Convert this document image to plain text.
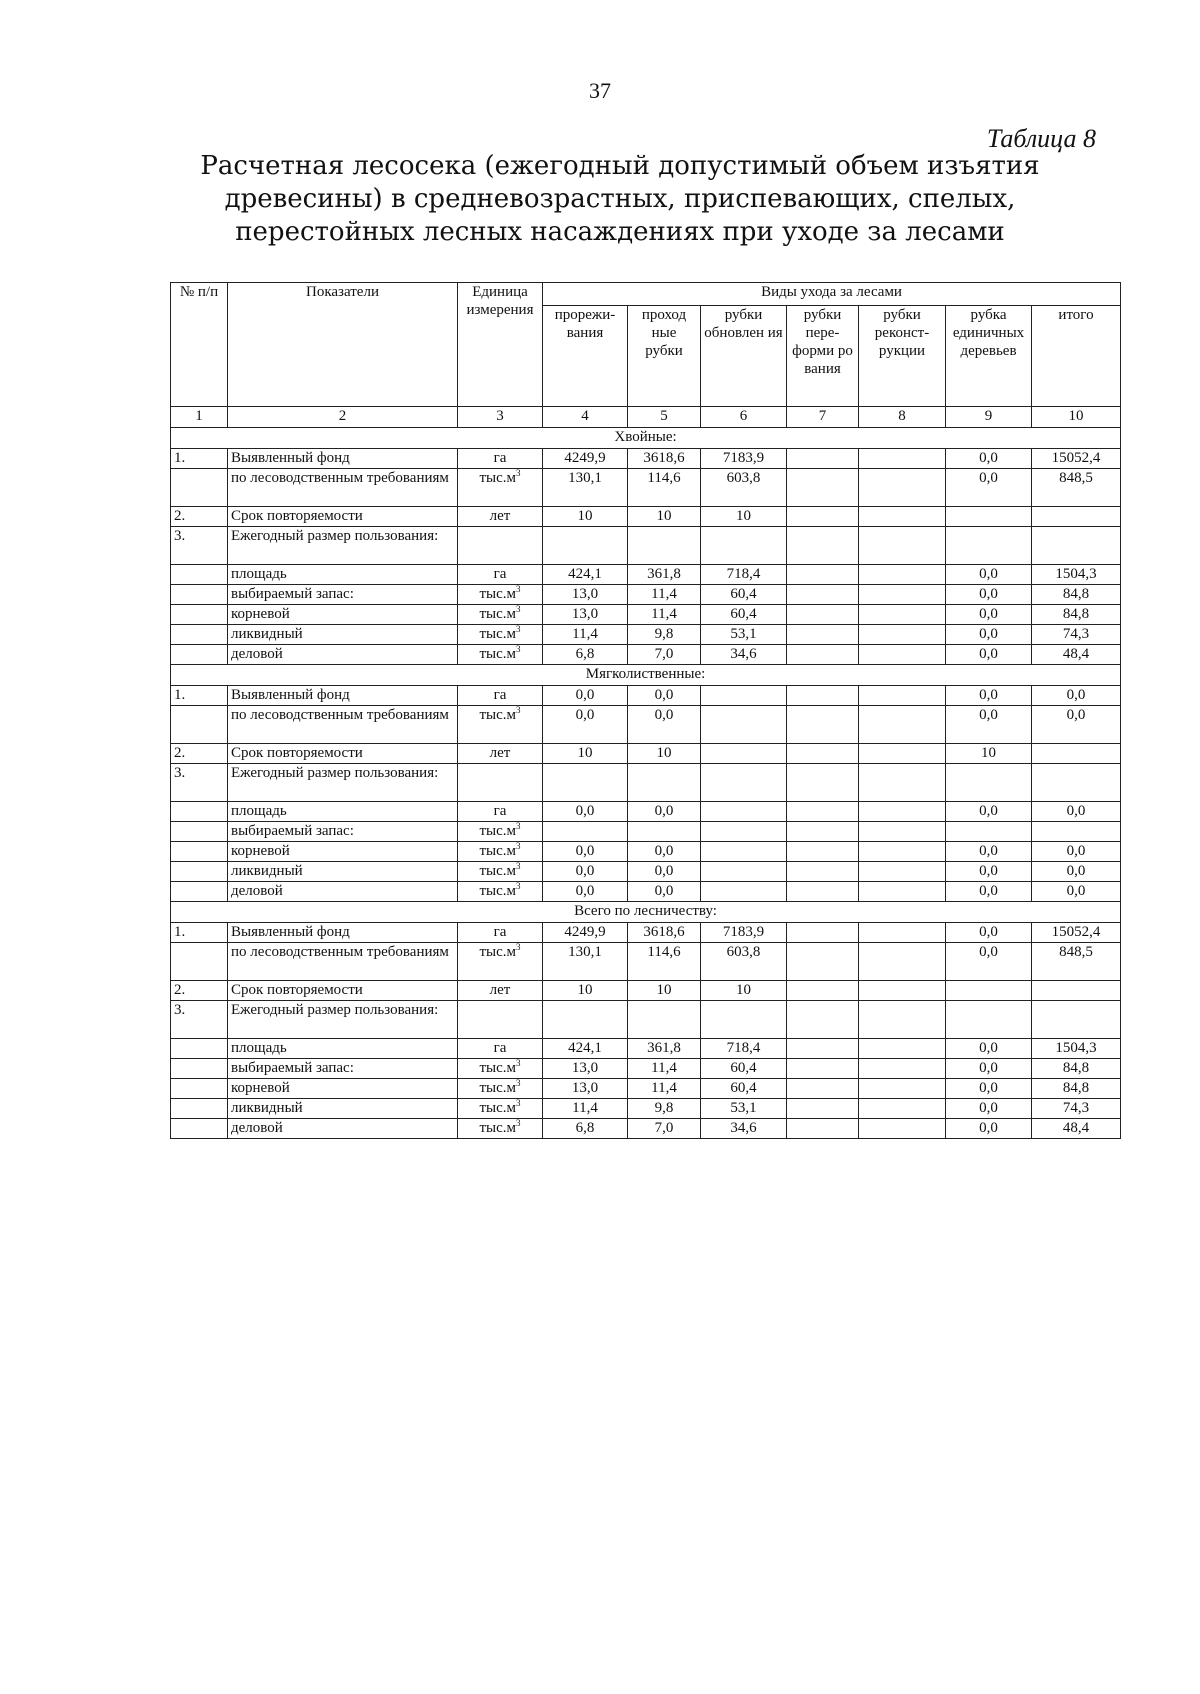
37
Таблица 8
Расчетная лесосека (ежегодный допустимый объем изъятия древесины) в средневозрастных, приспевающих, спелых, перестойных лесных насаждениях при уходе за лесами
№ п/п	Показатели	Единица измерения	Виды ухода за лесами						
			прорежи-вания	проход ные рубки	рубки обновлен ия	рубки пере-форми ро вания	рубки реконст-рукции	рубка единичных деревьев	итого
1	2	3	4	5	6	7	8	9	10
Хвойные:									
1.	Выявленный фонд	га	4249,9	3618,6	7183,9			0,0	15052,4
	по лесоводственным требованиям	$тыс.м^3$	130,1	114,6	603,8			0,0	848,5
2.	Срок повторяемости	лет	10	10	10				
3.	Ежегодный размер пользования:								
	площадь	га	424,1	361,8	718,4			0,0	1504,3
	выбираемый запас:	$тыс.м^3$	13,0	11,4	60,4			0,0	84,8
	корневой	$тыс.м^3$	13,0	11,4	60,4			0,0	84,8
	ликвидный	$тыс.м^3$	11,4	9,8	53,1			0,0	74,3
	деловой	$тыс.м^3$	6,8	7,0	34,6			0,0	48,4
Мягколиственные:									
1.	Выявленный фонд	га	0,0	0,0				0,0	0,0
	по лесоводственным требованиям	$тыс.м^3$	0,0	0,0				0,0	0,0
2.	Срок повторяемости	лет	10	10				10	
3.	Ежегодный размер пользования:								
	площадь	га	0,0	0,0				0,0	0,0
	выбираемый запас:	$тыс.м^3$							
	корневой	$тыс.м^3$	0,0	0,0				0,0	0,0
	ликвидный	$тыс.м^3$	0,0	0,0				0,0	0,0
	деловой	$тыс.м^3$	0,0	0,0				0,0	0,0
Всего по лесничеству:									
1.	Выявленный фонд	га	4249,9	3618,6	7183,9			0,0	15052,4
	по лесоводственным требованиям	$тыс.м^3$	130,1	114,6	603,8			0,0	848,5
2.	Срок повторяемости	лет	10	10	10				
3.	Ежегодный размер пользования:								
	площадь	га	424,1	361,8	718,4			0,0	1504,3
	выбираемый запас:	$тыс.м^3$	13,0	11,4	60,4			0,0	84,8
	корневой	$тыс.м^3$	13,0	11,4	60,4			0,0	84,8
	ликвидный	$тыс.м^3$	11,4	9,8	53,1			0,0	74,3
	деловой	$тыс.м^3$	6,8	7,0	34,6			0,0	48,4
